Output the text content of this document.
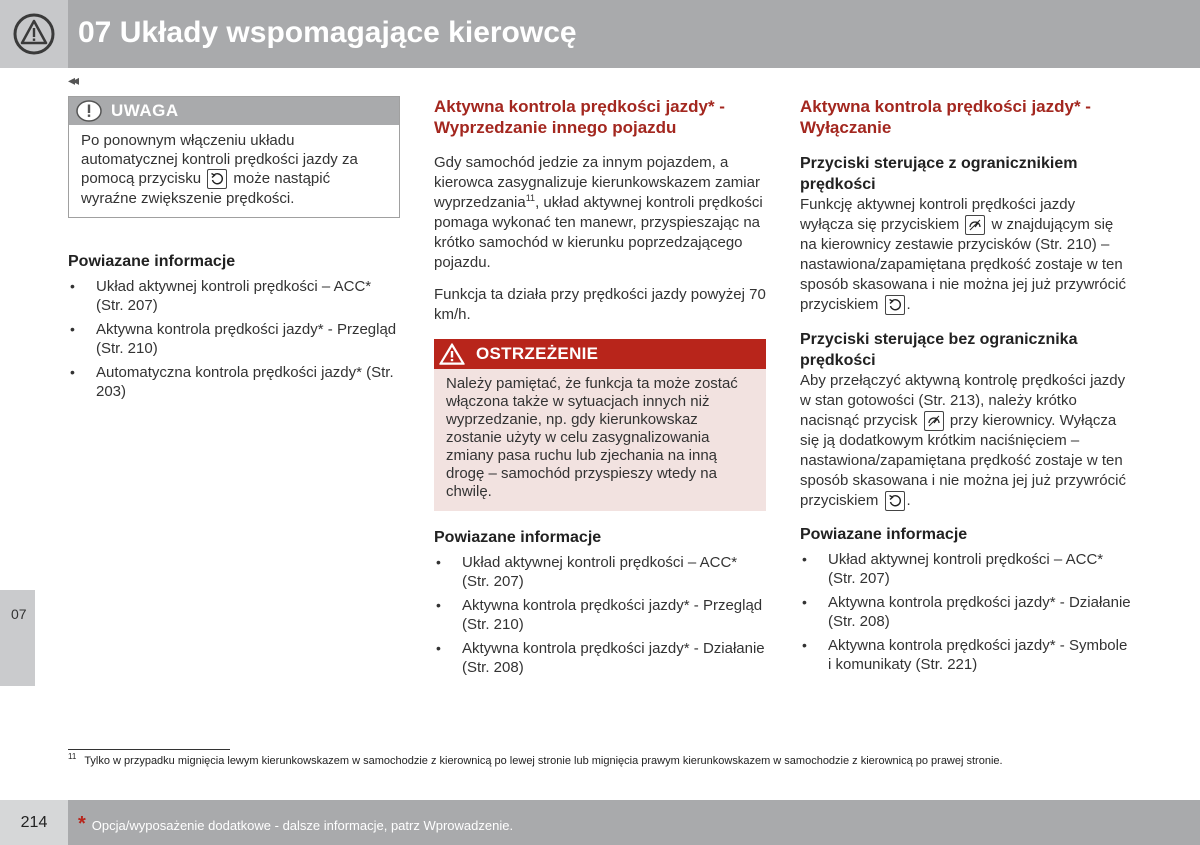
07 Układy wspomagające kierowcę
◂◂
07
UWAGA
Po ponownym włączeniu układu automatycznej kontroli prędkości jazdy za pomocą przycisku może nastąpić wyraźne zwiększenie prędkości.
Powiazane informacje
• Układ aktywnej kontroli prędkości – ACC* (Str. 207)
• Aktywna kontrola prędkości jazdy* - Przegląd (Str. 210)
• Automatyczna kontrola prędkości jazdy* (Str. 203)
Aktywna kontrola prędkości jazdy* - Wyprzedzanie innego pojazdu
Gdy samochód jedzie za innym pojazdem, a kierowca zasygnalizuje kierunkowskazem zamiar wyprzedzania$^{11}$, układ aktywnej kontroli prędkości pomaga wykonać ten manewr, przyspieszając na krótko samochód w kierunku poprzedzającego pojazdu.
Funkcja ta działa przy prędkości jazdy powyżej 70 km/h.
OSTRZEŻENIE
Należy pamiętać, że funkcja ta może zostać włączona także w sytuacjach innych niż wyprzedzanie, np. gdy kierunkowskaz zostanie użyty w celu zasygnalizowania zmiany pasa ruchu lub zjechania na inną drogę – samochód przyspieszy wtedy na chwilę.
Powiazane informacje
• Układ aktywnej kontroli prędkości – ACC* (Str. 207)
• Aktywna kontrola prędkości jazdy* - Przegląd (Str. 210)
• Aktywna kontrola prędkości jazdy* - Działanie (Str. 208)
Aktywna kontrola prędkości jazdy* - Wyłączanie
Przyciski sterujące z ogranicznikiem prędkości
Funkcję aktywnej kontroli prędkości jazdy wyłącza się przyciskiem w znajdującym się na kierownicy zestawie przycisków (Str. 210) – nastawiona/zapamiętana prędkość zostaje w ten sposób skasowana i nie można jej już przywrócić przyciskiem .
Przyciski sterujące bez ogranicznika prędkości
Aby przełączyć aktywną kontrolę prędkości jazdy w stan gotowości (Str. 213), należy krótko nacisnąć przycisk przy kierownicy. Wyłącza się ją dodatkowym krótkim naciśnięciem – nastawiona/zapamiętana prędkość zostaje w ten sposób skasowana i nie można jej już przywrócić przyciskiem .
Powiazane informacje
• Układ aktywnej kontroli prędkości – ACC* (Str. 207)
• Aktywna kontrola prędkości jazdy* - Działanie (Str. 208)
• Aktywna kontrola prędkości jazdy* - Symbole i komunikaty (Str. 221)
$^{11}$ Tylko w przypadku mignięcia lewym kierunkowskazem w samochodzie z kierownicą po lewej stronie lub mignięcia prawym kierunkowskazem w samochodzie z kierownicą po prawej stronie.
214 * Opcja/wyposażenie dodatkowe - dalsze informacje, patrz Wprowadzenie.
